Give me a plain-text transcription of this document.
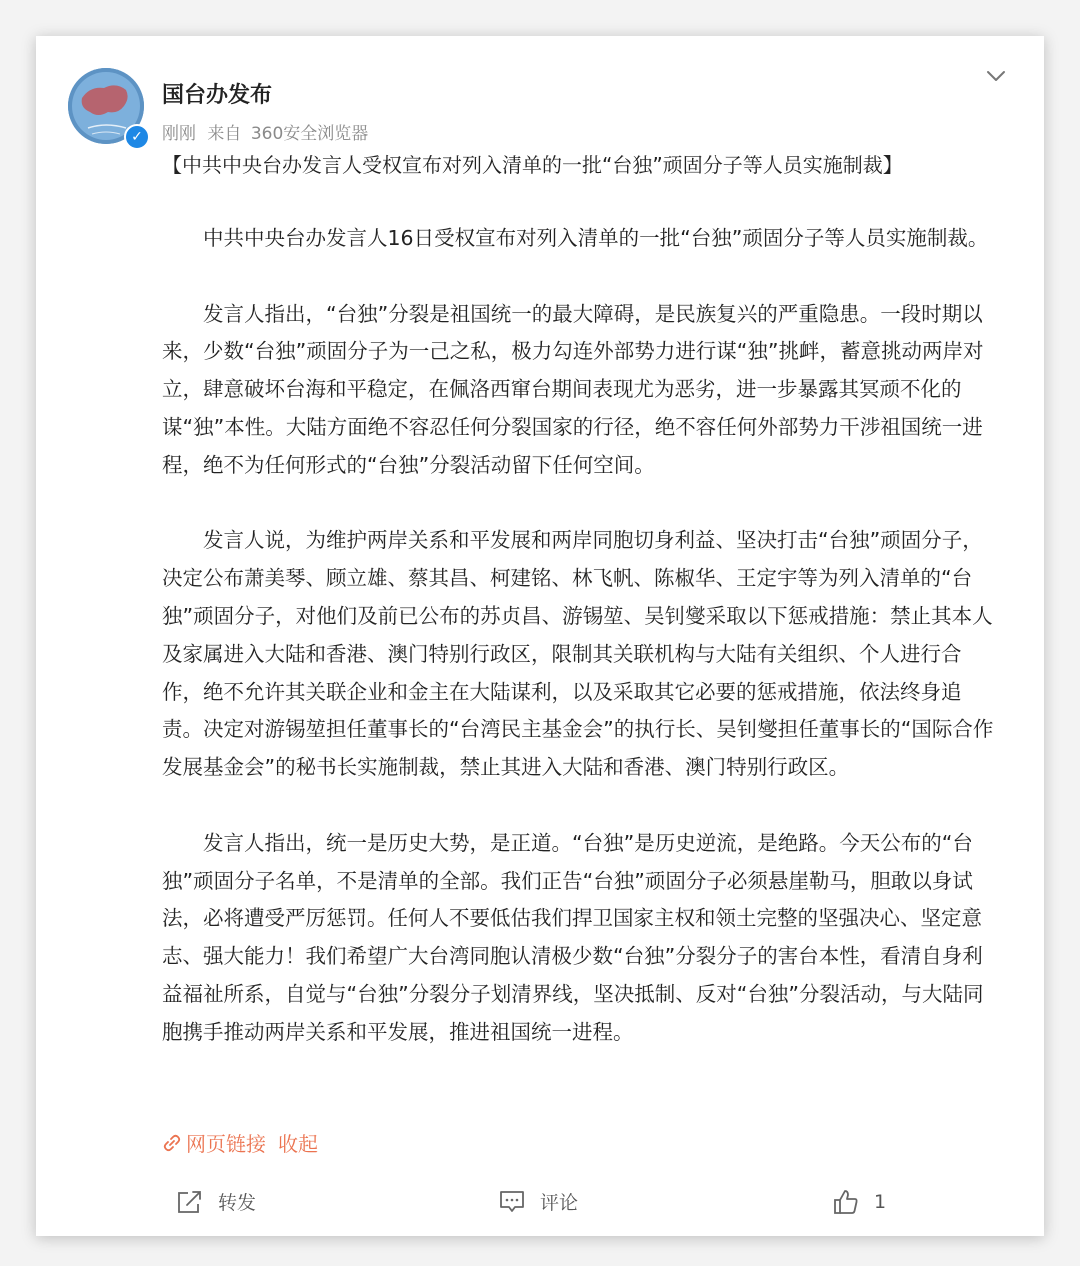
✓
国台办发布
刚刚 来自 360安全浏览器
【中共中央台办发言人受权宣布对列入清单的一批“台独”顽固分子等人员实施制裁】

中共中央台办发言人16日受权宣布对列入清单的一批“台独”顽固分子等人员实施制裁。

发言人指出，“台独”分裂是祖国统一的最大障碍，是民族复兴的严重隐患。一段时期以来，少数“台独”顽固分子为一己之私，极力勾连外部势力进行谋“独”挑衅，蓄意挑动两岸对立，肆意破坏台海和平稳定，在佩洛西窜台期间表现尤为恶劣，进一步暴露其冥顽不化的谋“独”本性。大陆方面绝不容忍任何分裂国家的行径，绝不容任何外部势力干涉祖国统一进程，绝不为任何形式的“台独”分裂活动留下任何空间。

发言人说，为维护两岸关系和平发展和两岸同胞切身利益、坚决打击“台独”顽固分子，决定公布萧美琴、顾立雄、蔡其昌、柯建铭、林飞帆、陈椒华、王定宇等为列入清单的“台独”顽固分子，对他们及前已公布的苏贞昌、游锡堃、吴钊燮采取以下惩戒措施：禁止其本人及家属进入大陆和香港、澳门特别行政区，限制其关联机构与大陆有关组织、个人进行合作，绝不允许其关联企业和金主在大陆谋利，以及采取其它必要的惩戒措施，依法终身追责。决定对游锡堃担任董事长的“台湾民主基金会”的执行长、吴钊燮担任董事长的“国际合作发展基金会”的秘书长实施制裁，禁止其进入大陆和香港、澳门特别行政区。

发言人指出，统一是历史大势，是正道。“台独”是历史逆流，是绝路。今天公布的“台独”顽固分子名单，不是清单的全部。我们正告“台独”顽固分子必须悬崖勒马，胆敢以身试法，必将遭受严厉惩罚。任何人不要低估我们捍卫国家主权和领土完整的坚强决心、坚定意志、强大能力！我们希望广大台湾同胞认清极少数“台独”分裂分子的害台本性，看清自身利益福祉所系，自觉与“台独”分裂分子划清界线，坚决抵制、反对“台独”分裂活动，与大陆同胞携手推动两岸关系和平发展，推进祖国统一进程。

网页链接 收起
转发	评论	1
